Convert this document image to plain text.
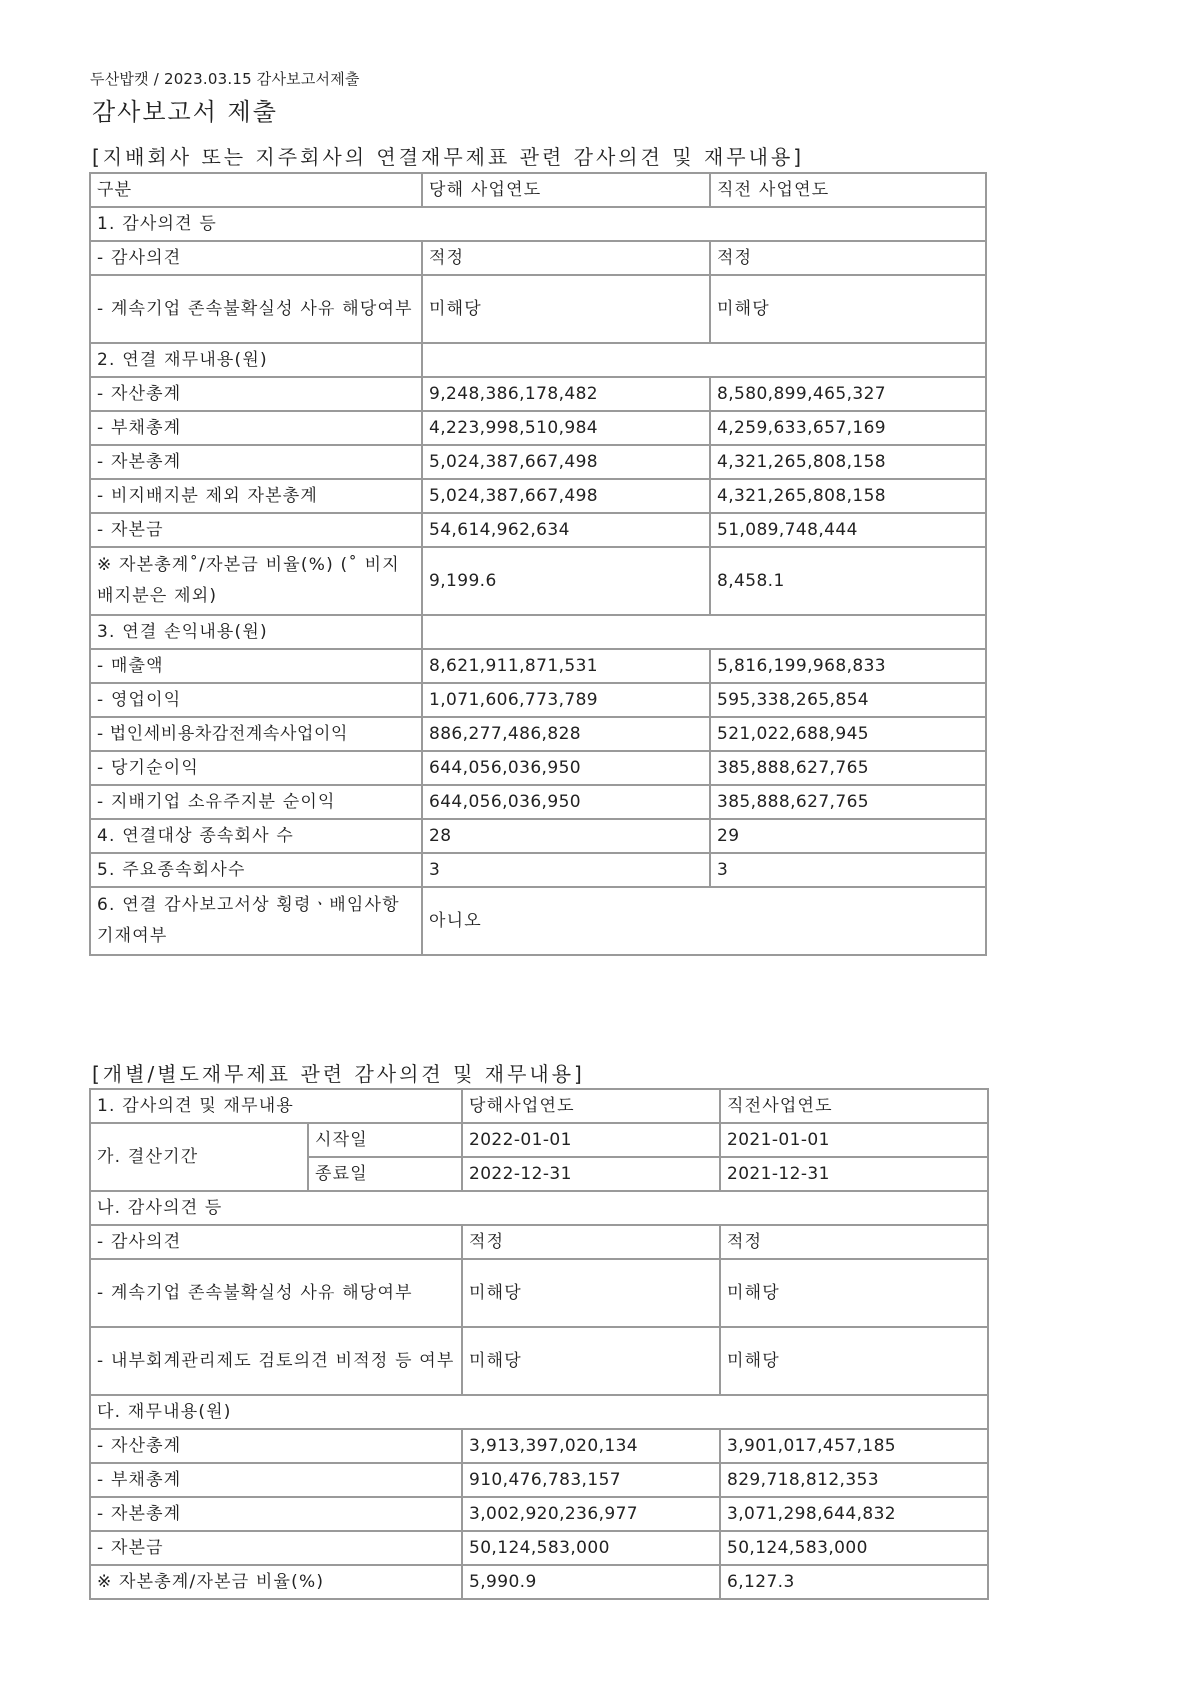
두산밥캣 / 2023.03.15 감사보고서제출
감사보고서 제출
[지배회사 또는 지주회사의 연결재무제표 관련 감사의견 및 재무내용]
구분	당해 사업연도	직전 사업연도
1. 감사의견 등		
- 감사의견	적정	적정
- 계속기업 존속불확실성 사유 해당여부	미해당	미해당
2. 연결 재무내용(원)		
- 자산총계	9,248,386,178,482	8,580,899,465,327
- 부채총계	4,223,998,510,984	4,259,633,657,169
- 자본총계	5,024,387,667,498	4,321,265,808,158
- 비지배지분 제외 자본총계	5,024,387,667,498	4,321,265,808,158
- 자본금	54,614,962,634	51,089,748,444
※ 자본총계˚/자본금 비율(%) (˚ 비지배지분은 제외)	9,199.6	8,458.1
3. 연결 손익내용(원)		
- 매출액	8,621,911,871,531	5,816,199,968,833
- 영업이익	1,071,606,773,789	595,338,265,854
- 법인세비용차감전계속사업이익	886,277,486,828	521,022,688,945
- 당기순이익	644,056,036,950	385,888,627,765
- 지배기업 소유주지분 순이익	644,056,036,950	385,888,627,765
4. 연결대상 종속회사 수	28	29
5. 주요종속회사수	3	3
6. 연결 감사보고서상 횡령ㆍ배임사항 기재여부	아니오	
[개별/별도재무제표 관련 감사의견 및 재무내용]
1. 감사의견 및 재무내용		당해사업연도	직전사업연도
가. 결산기간	시작일	2022-01-01	2021-01-01
	종료일	2022-12-31	2021-12-31
나. 감사의견 등			
- 감사의견		적정	적정
- 계속기업 존속불확실성 사유 해당여부		미해당	미해당
- 내부회계관리제도 검토의견 비적정 등 여부		미해당	미해당
다. 재무내용(원)			
- 자산총계		3,913,397,020,134	3,901,017,457,185
- 부채총계		910,476,783,157	829,718,812,353
- 자본총계		3,002,920,236,977	3,071,298,644,832
- 자본금		50,124,583,000	50,124,583,000
※ 자본총계/자본금 비율(%)		5,990.9	6,127.3
